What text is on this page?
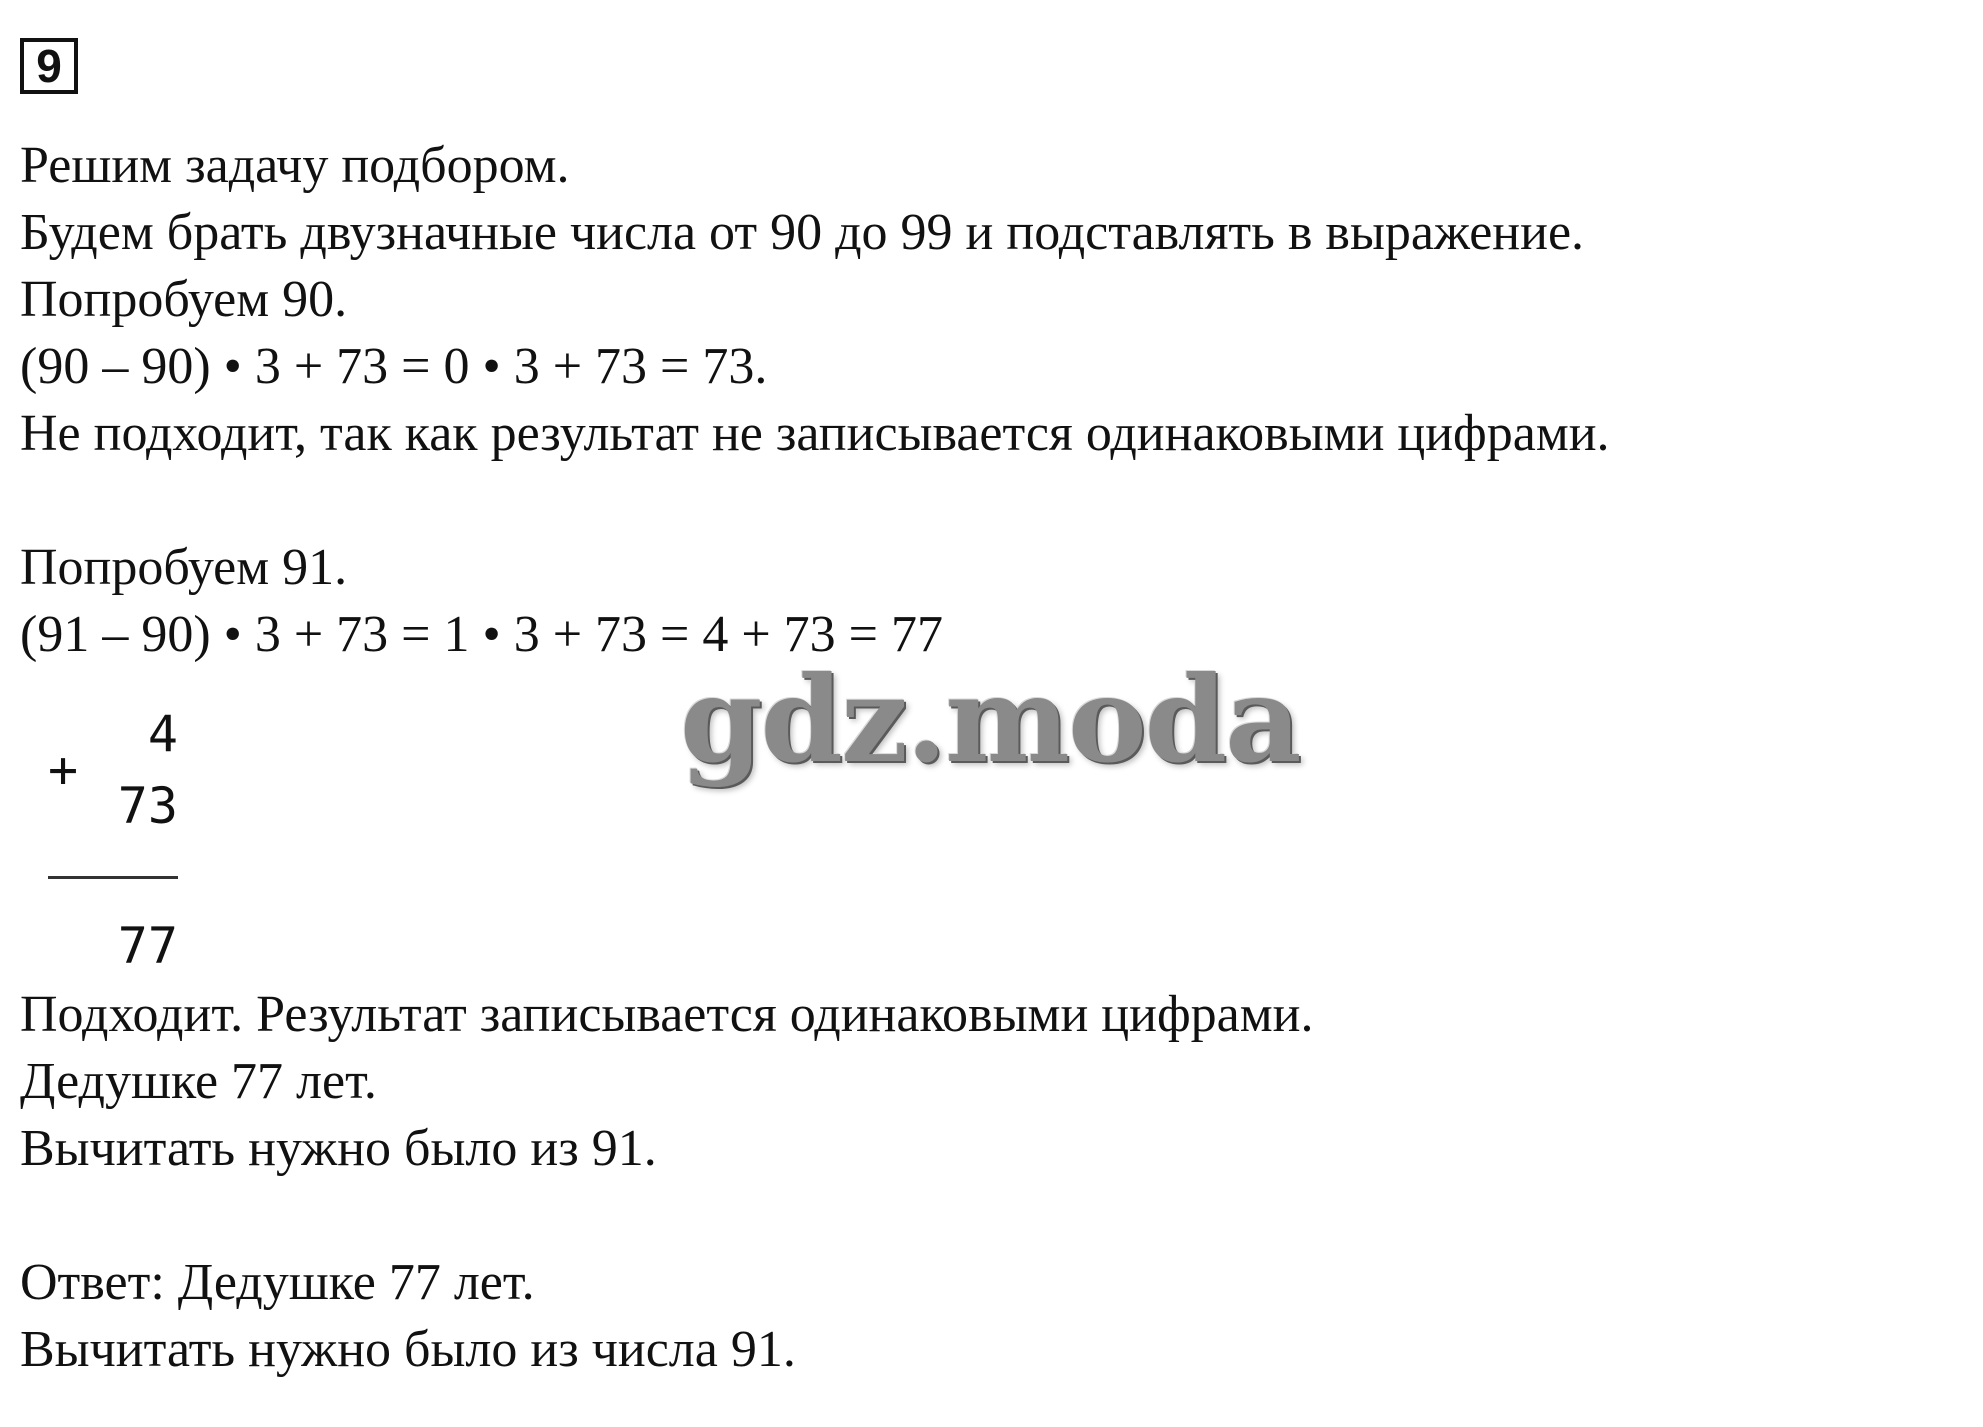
9
Решим задачу подбором.
Будем брать двузначные числа от 90 до 99 и подставлять в выражение.
Попробуем 90.
(90 – 90) • 3 + 73 = 0 • 3 + 73 = 73.
Не подходит, так как результат не записывается одинаковыми цифрами.
Попробуем 91.
(91 – 90) • 3 + 73 = 1 • 3 + 73 = 4 + 73 = 77
+
4
73
77
Подходит. Результат записывается одинаковыми цифрами.
Дедушке 77 лет.
Вычитать нужно было из 91.
Ответ: Дедушке 77 лет.
Вычитать нужно было из числа 91.
gdz.moda
